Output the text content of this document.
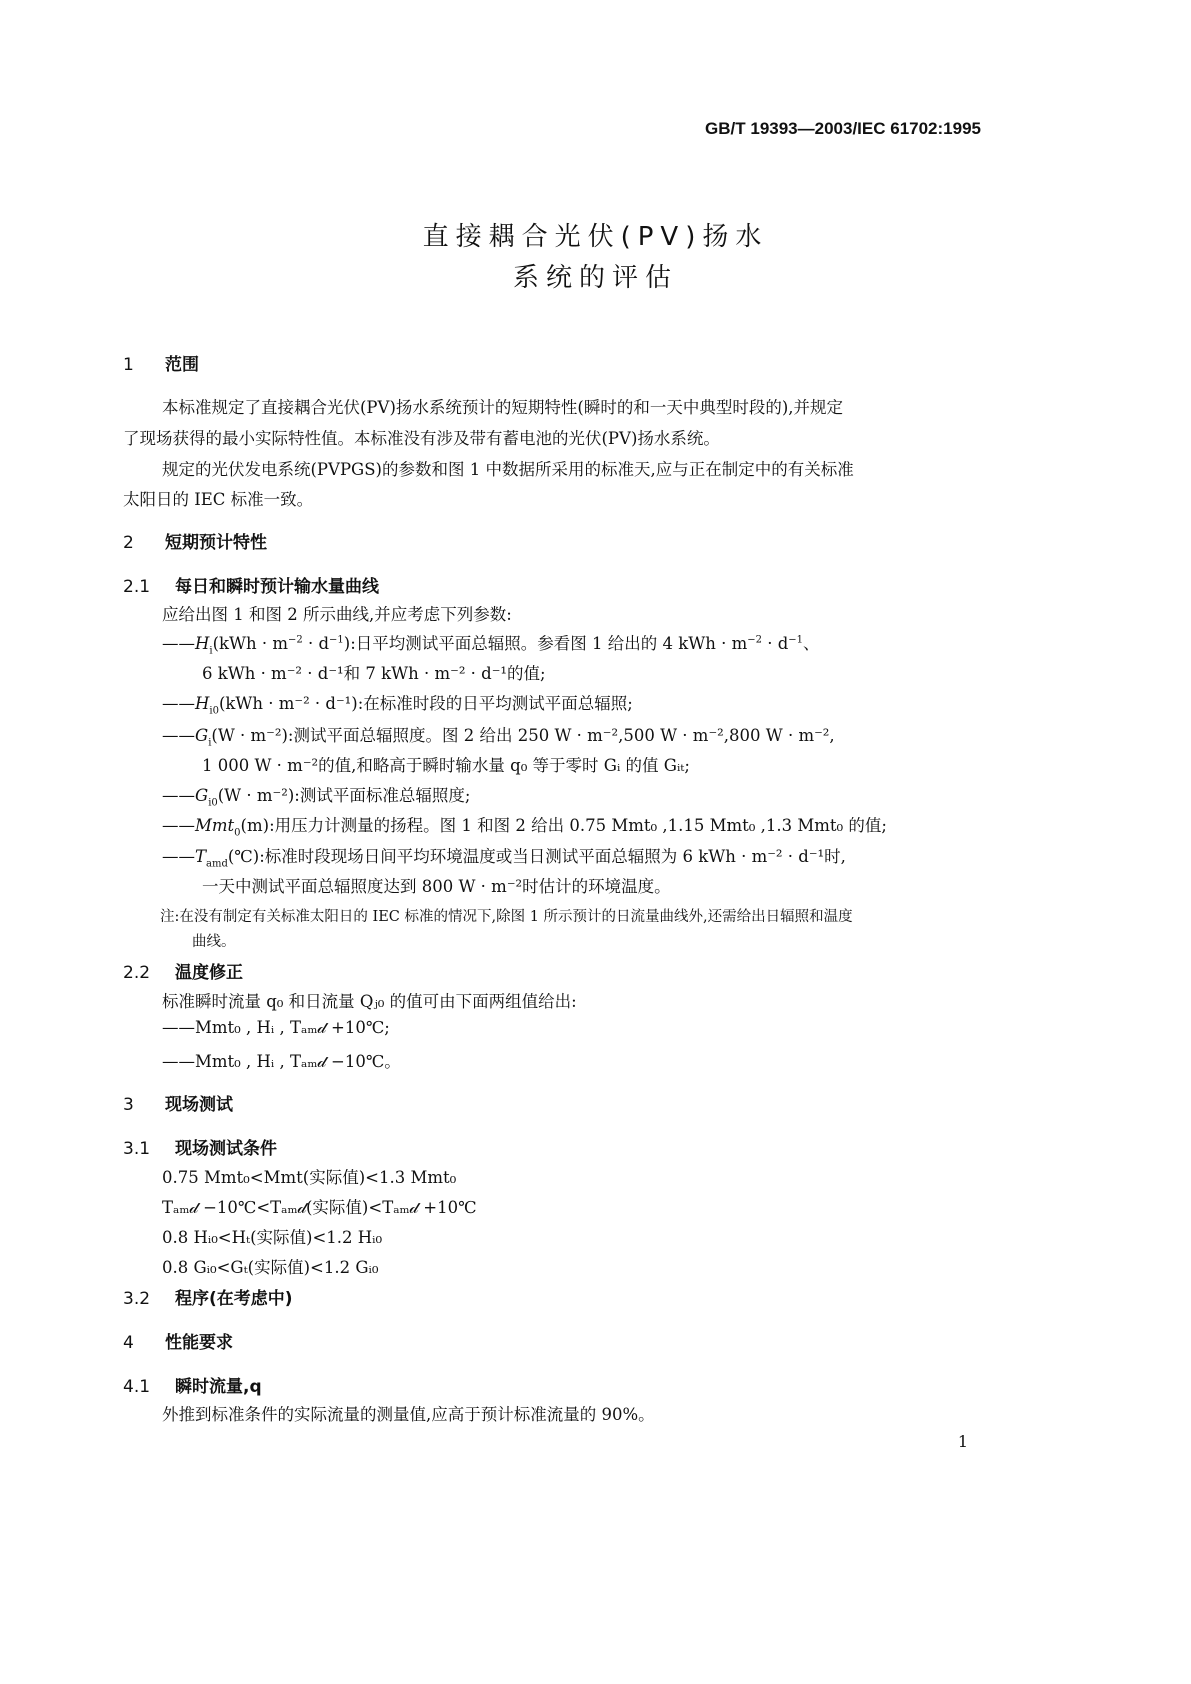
GB/T 19393—2003/IEC 61702:1995
直接耦合光伏(PV)扬水
系统的评估
1 范围
本标准规定了直接耦合光伏(PV)扬水系统预计的短期特性(瞬时的和一天中典型时段的),并规定
了现场获得的最小实际特性值。本标准没有涉及带有蓄电池的光伏(PV)扬水系统。
规定的光伏发电系统(PVPGS)的参数和图 1 中数据所采用的标准天,应与正在制定中的有关标准
太阳日的 IEC 标准一致。
2 短期预计特性
2.1 每日和瞬时预计输水量曲线
应给出图 1 和图 2 所示曲线,并应考虑下列参数:
$——H_i(kWh \cdot m^{-2} \cdot d^{-1})$:日平均测试平面总辐照。参看图 1 给出的 4 kWh · $m^{-2} \cdot d^{-1}$、
6 kWh · m⁻² · d⁻¹和 7 kWh · m⁻² · d⁻¹的值;
$——H_{i0}(kWh \cdot m^{-2} \cdot d^{-1})$:在标准时段的日平均测试平面总辐照;
$——G_i(W \cdot m^{-2})$:测试平面总辐照度。图 2 给出 250 W · m⁻²,500 W · m⁻²,800 W · m⁻²,
1 000 W · m⁻²的值,和略高于瞬时输水量 q₀ 等于零时 Gᵢ 的值 Gᵢₜ;
$——G_{i0}(W \cdot m^{-2})$:测试平面标准总辐照度;
——Mmt$_0$(m):用压力计测量的扬程。图 1 和图 2 给出 0.75 Mmt₀ ,1.15 Mmt₀ ,1.3 Mmt₀ 的值;
$——T_{amd}(℃)$:标准时段现场日间平均环境温度或当日测试平面总辐照为 6 kWh · m⁻² · d⁻¹时,
一天中测试平面总辐照度达到 800 W · m⁻²时估计的环境温度。
注:在没有制定有关标准太阳日的 IEC 标准的情况下,除图 1 所示预计的日流量曲线外,还需给出日辐照和温度
曲线。
2.2 温度修正
标准瞬时流量 q₀ 和日流量 Qⱼ₀ 的值可由下面两组值给出:
——Mmt₀ , Hᵢ , Tₐₘ𝒹 +10℃;
——Mmt₀ , Hᵢ , Tₐₘ𝒹 −10℃。
3 现场测试
3.1 现场测试条件
0.75 Mmt₀<Mmt(实际值)<1.3 Mmt₀
Tₐₘ𝒹 −10℃<Tₐₘ𝒹(实际值)<Tₐₘ𝒹 +10℃
0.8 Hᵢ₀<Hₜ(实际值)<1.2 Hᵢ₀
0.8 Gᵢ₀<Gₜ(实际值)<1.2 Gᵢ₀
3.2 程序(在考虑中)
4 性能要求
4.1 瞬时流量,q
外推到标准条件的实际流量的测量值,应高于预计标准流量的 90%。
1
